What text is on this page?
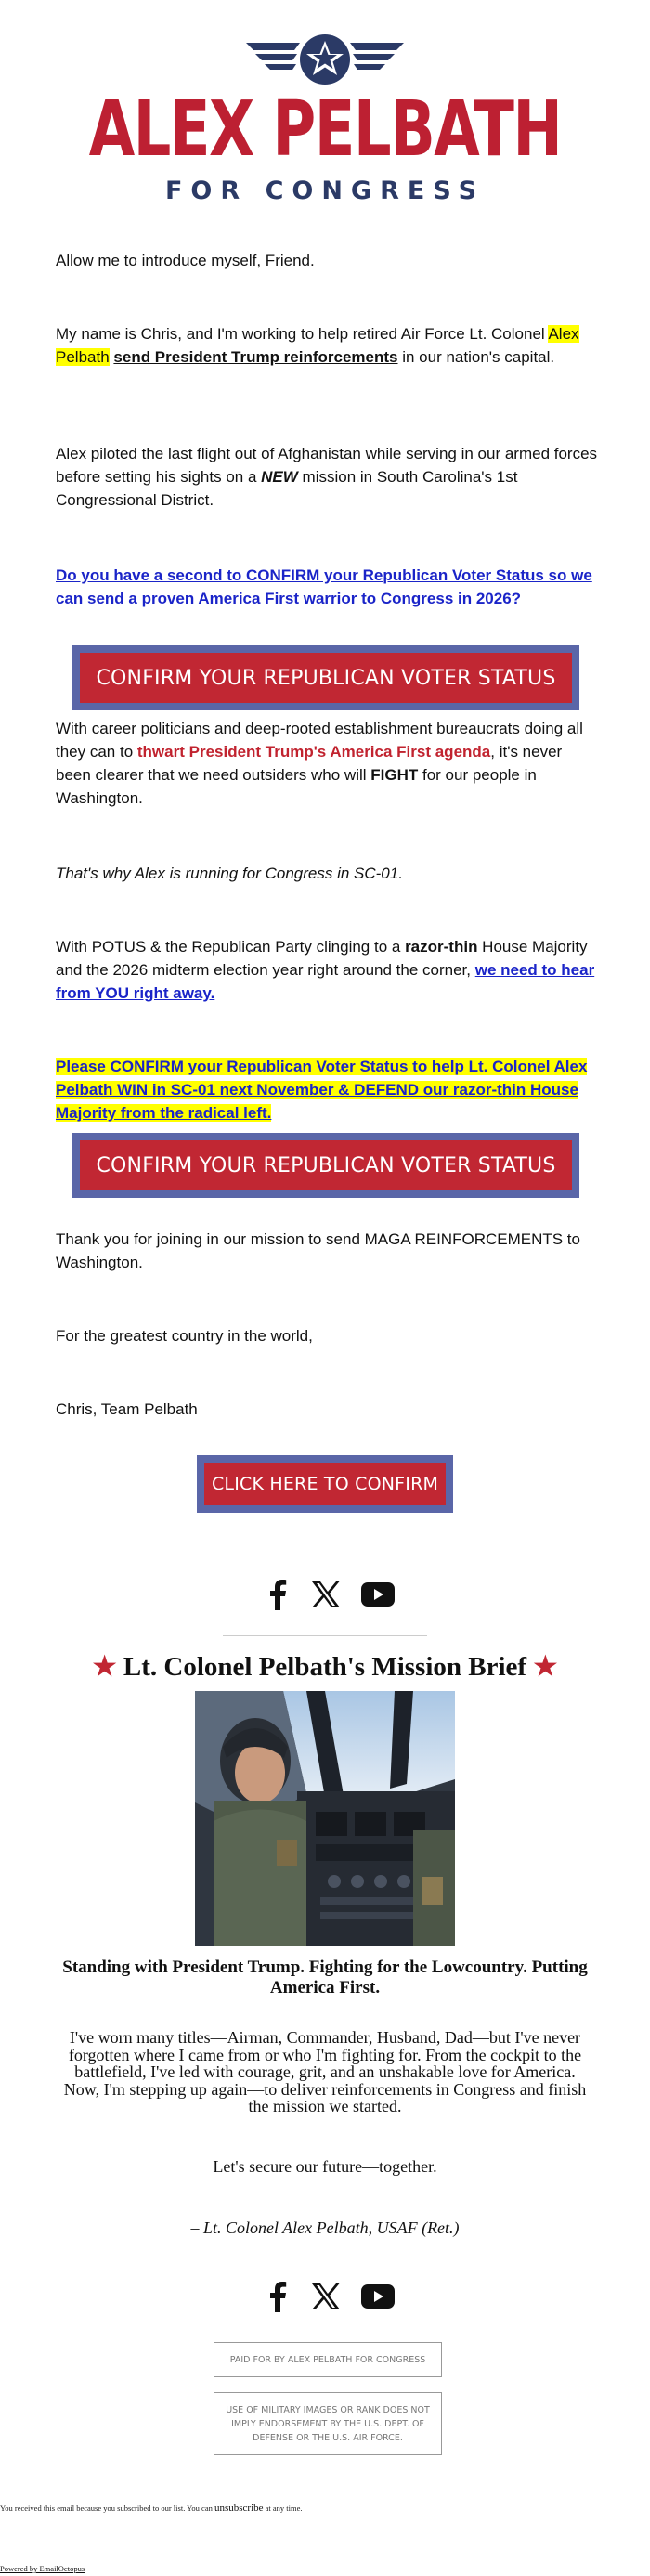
ALEX PELBATH
FOR CONGRESS

Allow me to introduce myself, Friend.

My name is Chris, and I'm working to help retired Air Force Lt. Colonel Alex Pelbath send President Trump reinforcements in our nation's capital.

Alex piloted the last flight out of Afghanistan while serving in our armed forces before setting his sights on a NEW mission in South Carolina's 1st Congressional District.

Do you have a second to CONFIRM your Republican Voter Status so we can send a proven America First warrior to Congress in 2026?

CONFIRM YOUR REPUBLICAN VOTER STATUS

With career politicians and deep-rooted establishment bureaucrats doing all they can to thwart President Trump's America First agenda, it's never been clearer that we need outsiders who will FIGHT for our people in Washington.

That's why Alex is running for Congress in SC-01.

With POTUS & the Republican Party clinging to a razor-thin House Majority and the 2026 midterm election year right around the corner, we need to hear from YOU right away.

Please CONFIRM your Republican Voter Status to help Lt. Colonel Alex Pelbath WIN in SC-01 next November & DEFEND our razor-thin House Majority from the radical left.

CONFIRM YOUR REPUBLICAN VOTER STATUS

Thank you for joining in our mission to send MAGA REINFORCEMENTS to Washington.

For the greatest country in the world,

Chris, Team Pelbath

CLICK HERE TO CONFIRM
★ Lt. Colonel Pelbath's Mission Brief ★
Standing with President Trump. Fighting for the Lowcountry. Putting America First.
I've worn many titles—Airman, Commander, Husband, Dad—but I've never forgotten where I came from or who I'm fighting for. From the cockpit to the battlefield, I've led with courage, grit, and an unshakable love for America. Now, I'm stepping up again—to deliver reinforcements in Congress and finish the mission we started.
Let's secure our future—together.
– Lt. Colonel Alex Pelbath, USAF (Ret.)
PAID FOR BY ALEX PELBATH FOR CONGRESS
USE OF MILITARY IMAGES OR RANK DOES NOT IMPLY ENDORSEMENT BY THE U.S. DEPT. OF DEFENSE OR THE U.S. AIR FORCE.
You received this email because you subscribed to our list. You can unsubscribe at any time.
Powered by EmailOctopus
